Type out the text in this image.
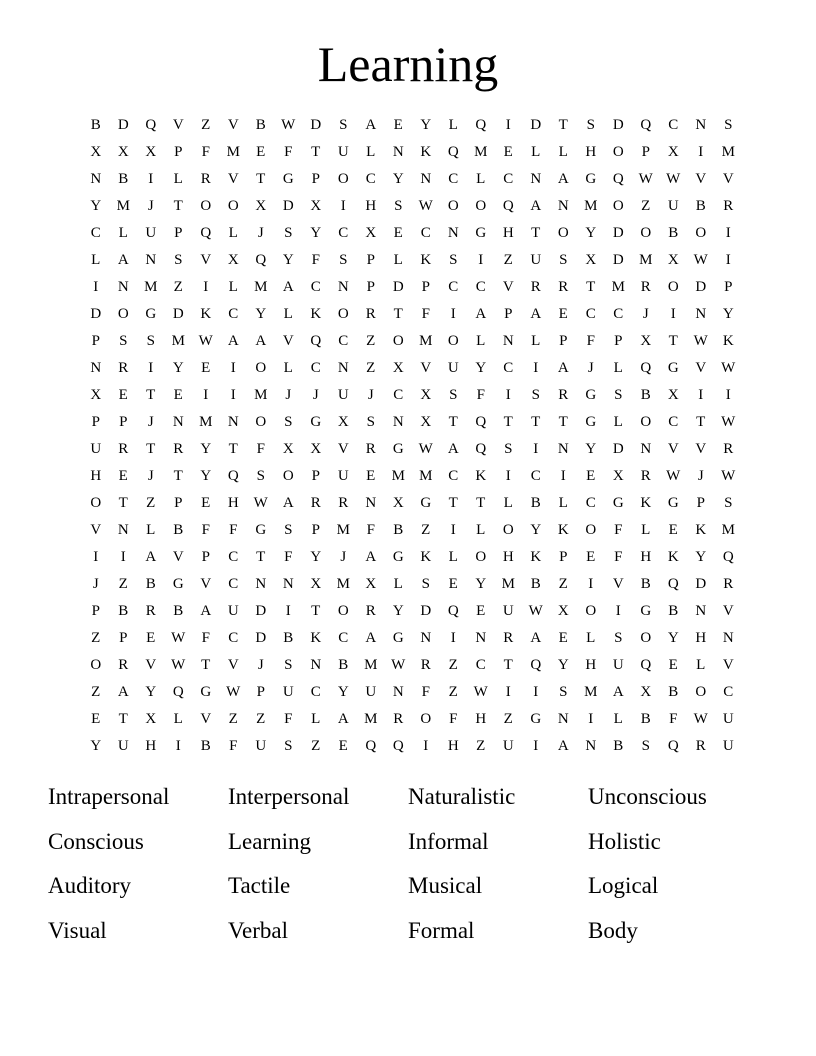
Learning
B	D	Q	V	Z	V	B	W	D	S	A	E	Y	L	Q	I	D	T	S	D	Q	C	N	S
X	X	X	P	F	M	E	F	T	U	L	N	K	Q	M	E	L	L	H	O	P	X	I	M
N	B	I	L	R	V	T	G	P	O	C	Y	N	C	L	C	N	A	G	Q W W	V	V
Y	M	J	T	O	O	X	D	X	I	H	S	W	O	O	Q	A	N	M	O	Z	U	B	R
C	L	U	P	Q	L	J	S	Y	C	X	E	C	N	G	H	T	O	Y	D	O	B	O	I
L	A	N	S	V	X	Q	Y	F	S	P	L	K	S	I	Z	U	S	X	D	M	X W	I
I	N	M	Z	I	L	M	A	C	N	P	D	P	C	C	V	R	R	T	M	R	O	D	P
D	O	G	D	K	C	Y	L	K	O	R	T	F	I	A	P	A	E	C	C	J	I	N	Y
P	S	S	M W	A	A	V	Q	C	Z	O	M	O	L	N	L	P	F	P	X	T	W	K
N	R	I	Y	E	I	O	L	C	N	Z	X	V	U	Y	C	I	A	J	L	Q	G	V W
X	E	T	E	I	I	M	J	J	U	J	C	X	S	F	I	S	R	G	S	B	X	I	I
P	P	J	N	M	N	O	S	G	X	S	N	X	T	Q	T	T	T	G	L	O	C	T	W
U	R	T	R	Y	T	F	X	X	V	R	G W	A	Q	S	I	N	Y	D	N	V	V	R
H	E	J	T	Y	Q	S	O	P	U	E	M M	C	K	I	C	I	E	X	R	W	J	W
O	T	Z	P	E	H W	A	R	R	N	X	G	T	T	L	B	L	C	G	K	G	P	S
V	N	L	B	F	F	G	S	P	M	F	B	Z	I	L	O	Y	K	O	F	L	E	K	M
I	I	A	V	P	C	T	F	Y	J	A	G	K	L	O	H	K	P	E	F	H	K	Y	Q
J	Z	B	G	V	C	N	N	X	M	X	L	S	E	Y	M	B	Z	I	V	B	Q	D	R
P	B	R	B	A	U	D	I	T	O	R	Y	D	Q	E	U W	X	O	I	G	B	N	V
Z	P	E	W	F	C	D	B	K	C	A	G	N	I	N	R	A	E	L	S	O	Y	H	N
O	R	V W	T	V	J	S	N	B	M W	R	Z	C	T	Q	Y	H	U	Q	E	L	V
Z	A	Y	Q	G W	P	U	C	Y	U	N	F	Z	W	I	I	S	M	A	X	B	O	C
E	T	X	L	V	Z	Z	F	L	A	M	R	O	F	H	Z	G	N	I	L	B	F	W	U
Y	U	H	I	B	F	U	S	Z	E	Q	Q	I	H	Z	U	I	A	N	B	S	Q	R	U
Intrapersonal	Interpersonal	Naturalistic	Unconscious
Conscious	Learning	Informal	Holistic
Auditory	Tactile	Musical	Logical
Visual	Verbal	Formal	Body
